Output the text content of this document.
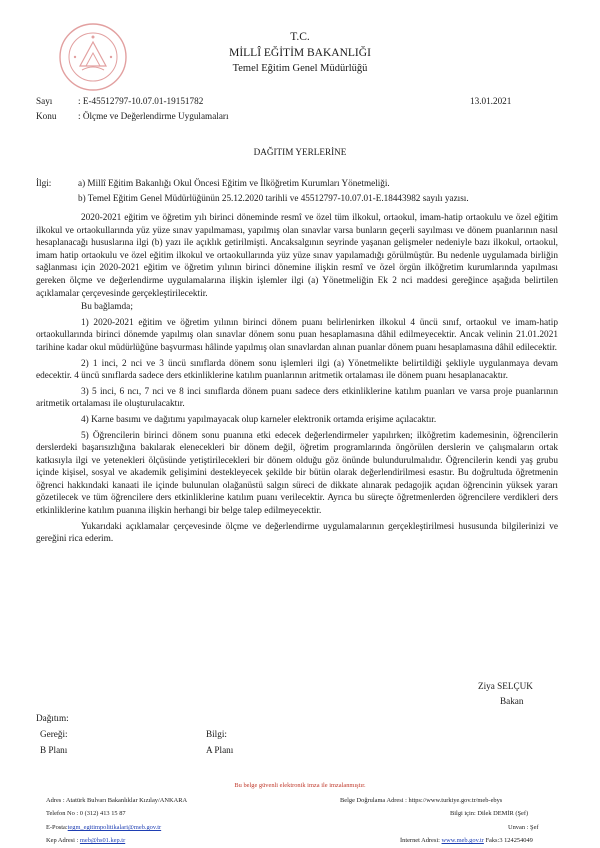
T.C.
MİLLÎ EĞİTİM BAKANLIĞI
Temel Eğitim Genel Müdürlüğü
Sayı	: E-45512797-10.07.01-19151782	13.01.2021
Konu : Ölçme ve Değerlendirme Uygulamaları
DAĞITIM YERLERİNE
İlgi:	a) Millî Eğitim Bakanlığı Okul Öncesi Eğitim ve İlköğretim Kurumları Yönetmeliği.
b) Temel Eğitim Genel Müdürlüğünün 25.12.2020 tarihli ve 45512797-10.07.01-E.18443982 sayılı yazısı.
2020-2021 eğitim ve öğretim yılı birinci döneminde resmî ve özel tüm ilkokul, ortaokul, imam-hatip ortaokulu ve özel eğitim ilkokul ve ortaokullarında yüz yüze sınav yapılmaması, yapılmış olan sınavlar varsa bunların geçerli sayılması ve dönem puanlarının nasıl hesaplanacağı hususlarına ilgi (b) yazı ile açıklık getirilmişti. Ancaksalgının seyrinde yaşanan gelişmeler nedeniyle bazı ilkokul, ortaokul, imam hatip ortaokulu ve özel eğitim ilkokul ve ortaokullarında yüz yüze sınav yapılamadığı görülmüştür. Bu nedenle uygulamada birliğin sağlanması için 2020-2021 eğitim ve öğretim yılının birinci dönemine ilişkin resmî ve özel örgün ilköğretim kurumlarında yapılması gereken ölçme ve değerlendirme uygulamalarına ilişkin işlemler ilgi (a) Yönetmeliğin Ek 2 nci maddesi gereğince aşağıda belirtilen açıklamalar çerçevesinde gerçekleştirilecektir.
Bu bağlamda;
1) 2020-2021 eğitim ve öğretim yılının birinci dönem puanı belirlenirken ilkokul 4 üncü sınıf, ortaokul ve imam-hatip ortaokullarında birinci dönemde yapılmış olan sınavlar dönem sonu puan hesaplamasına dâhil edilmeyecektir. Ancak velinin 21.01.2021 tarihine kadar okul müdürlüğüne başvurması hâlinde yapılmış olan sınavlardan alınan puanlar dönem puanı hesaplamasına dâhil edilecektir.
2) 1 inci, 2 nci ve 3 üncü sınıflarda dönem sonu işlemleri ilgi (a) Yönetmelikte belirtildiği şekliyle uygulanmaya devam edecektir. 4 üncü sınıflarda sadece ders etkinliklerine katılım puanlarının aritmetik ortalaması ile dönem puanı hesaplanacaktır.
3) 5 inci, 6 ncı, 7 nci ve 8 inci sınıflarda dönem puanı sadece ders etkinliklerine katılım puanları ve varsa proje puanlarının aritmetik ortalaması ile oluşturulacaktır.
4) Karne basımı ve dağıtımı yapılmayacak olup karneler elektronik ortamda erişime açılacaktır.
5) Öğrencilerin birinci dönem sonu puanına etki edecek değerlendirmeler yapılırken; ilköğretim kademesinin, öğrencilerin derslerdeki başarısızlığına bakılarak elenecekleri bir dönem değil, öğretim programlarında öngörülen derslerin ve çalışmaların ortak katkısıyla ilgi ve yetenekleri ölçüsünde yetiştirilecekleri bir dönem olduğu göz önünde bulundurulmalıdır. Öğrencilerin kendi yaş grubu içinde kişisel, sosyal ve akademik gelişimini destekleyecek şekilde bir bütün olarak değerlendirilmesi esastır. Bu doğrultuda öğretmenin öğrenci hakkındaki kanaati ile içinde bulunulan olağanüstü salgın süreci de dikkate alınarak pedagojik açıdan öğrencinin yüksek yararı gözetilecek ve tüm öğrencilere ders etkinliklerine katılım puanı verilecektir. Ayrıca bu süreçte öğretmenlerden öğrencilere verdikleri ders etkinliklerine katılım puanına ilişkin herhangi bir belge talep edilmeyecektir.
Yukarıdaki açıklamalar çerçevesinde ölçme ve değerlendirme uygulamalarının gerçekleştirilmesi hususunda bilgilerinizi ve gereğini rica ederim.
Ziya SELÇUK
Bakan
Dağıtım:
Gereği:	Bilgi:
B Planı	A Planı
Bu belge güvenli elektronik imza ile imzalanmıştır.
Adres : Atatürk Bulvarı Bakanlıklar Kızılay/ANKARA	Belge Doğrulama Adresi : https://www.turkiye.gov.tr/meb-ebys
Telefon No : 0 (312) 413 15 87	Bilgi için: Dilek DEMİR (Şef)
E-Posta:tegm_egitimpolitikalari@meb.gov.tr	Unvan : Şef
Kep Adresi : meb@hs01.kep.tr	İnternet Adresi: www.meb.gov.tr Faks:3 124254049
